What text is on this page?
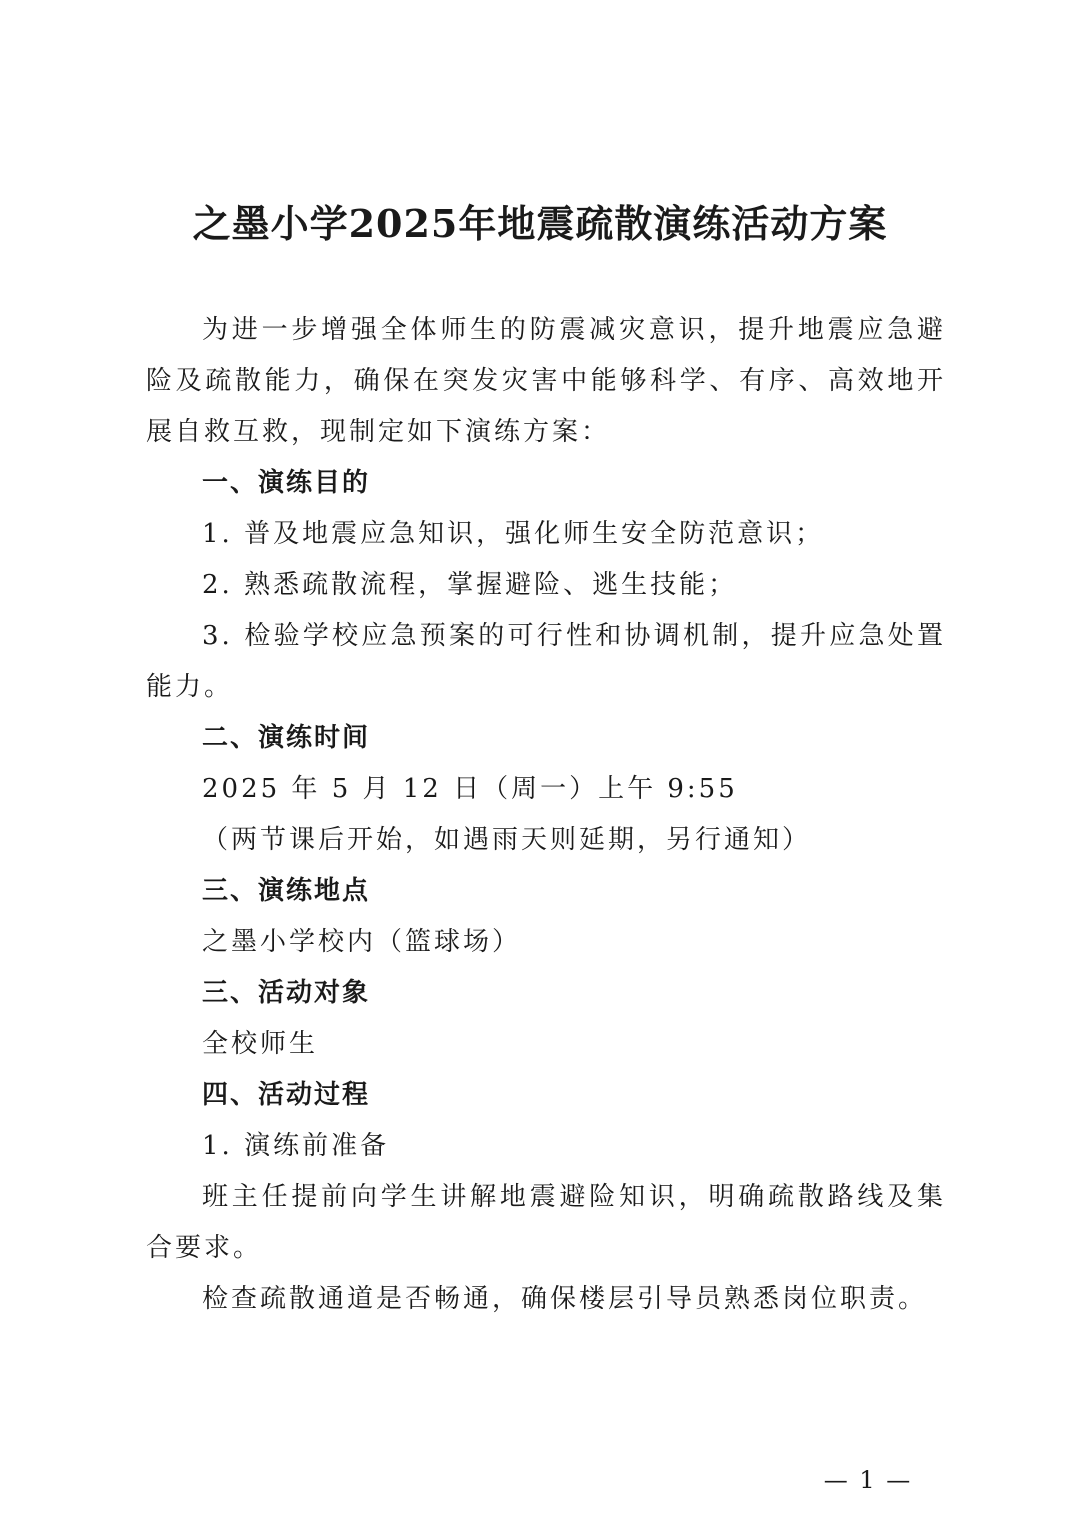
之墨小学2025年地震疏散演练活动方案

为进一步增强全体师生的防震减灾意识，提升地震应急避险及疏散能力，确保在突发灾害中能够科学、有序、高效地开展自救互救，现制定如下演练方案：

一、演练目的

1. 普及地震应急知识，强化师生安全防范意识；

2. 熟悉疏散流程，掌握避险、逃生技能；

3. 检验学校应急预案的可行性和协调机制，提升应急处置能力。

二、演练时间

2025 年 5 月 12 日（周一）上午 9:55

（两节课后开始，如遇雨天则延期，另行通知）

三、演练地点

之墨小学校内（篮球场）

三、活动对象

全校师生

四、活动过程

1. 演练前准备

班主任提前向学生讲解地震避险知识，明确疏散路线及集合要求。

检查疏散通道是否畅通，确保楼层引导员熟悉岗位职责。

— 1 —
